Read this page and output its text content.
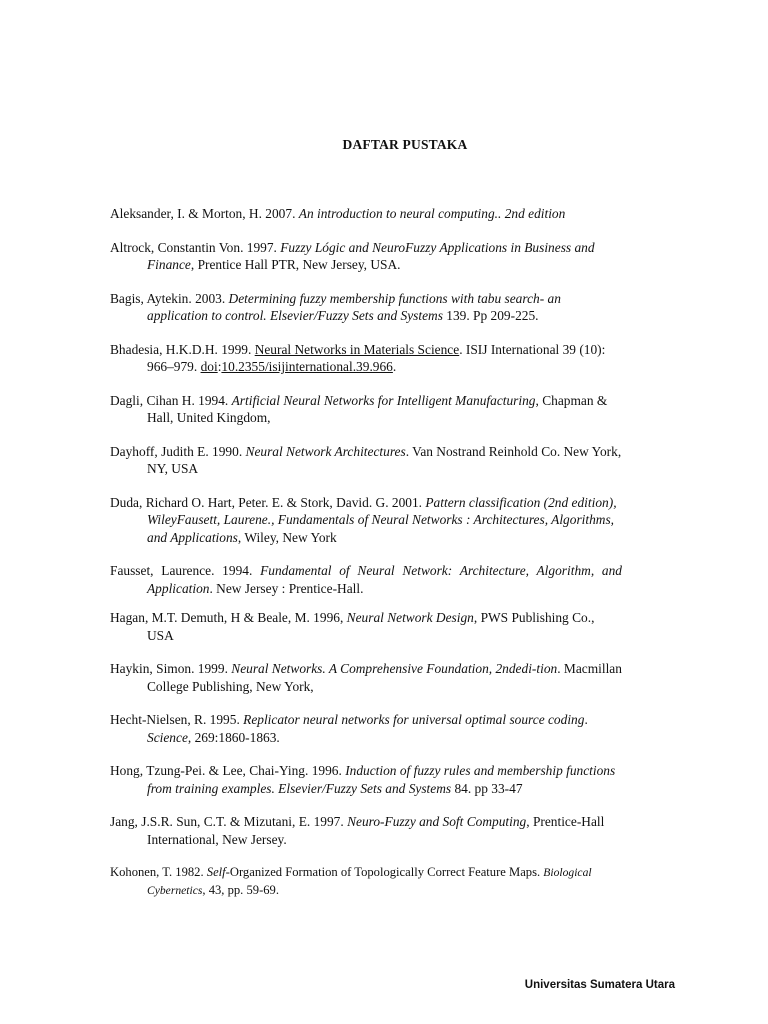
DAFTAR PUSTAKA
Aleksander, I. & Morton, H. 2007. An introduction to neural computing.. 2nd edition
Altrock, Constantin Von. 1997. Fuzzy Lógic and NeuroFuzzy Applications in Business and Finance, Prentice Hall PTR, New Jersey, USA.
Bagis, Aytekin. 2003. Determining fuzzy membership functions with tabu search- an application to control. Elsevier/Fuzzy Sets and Systems 139. Pp 209-225.
Bhadesia, H.K.D.H. 1999. Neural Networks in Materials Science. ISIJ International 39 (10): 966–979. doi:10.2355/isijinternational.39.966.
Dagli, Cihan H. 1994. Artificial Neural Networks for Intelligent Manufacturing, Chapman & Hall, United Kingdom,
Dayhoff, Judith E. 1990. Neural Network Architectures. Van Nostrand Reinhold Co. New York, NY, USA
Duda, Richard O. Hart, Peter. E. & Stork, David. G. 2001. Pattern classification (2nd edition), WileyFausett, Laurene., Fundamentals of Neural Networks : Architectures, Algorithms, and Applications, Wiley, New York
Fausset, Laurence. 1994. Fundamental of Neural Network: Architecture, Algorithm, and Application. New Jersey : Prentice-Hall.
Hagan, M.T. Demuth, H & Beale, M. 1996, Neural Network Design, PWS Publishing Co., USA
Haykin, Simon. 1999. Neural Networks. A Comprehensive Foundation, 2ndedi-tion. Macmillan College Publishing, New York,
Hecht-Nielsen, R. 1995. Replicator neural networks for universal optimal source coding. Science, 269:1860-1863.
Hong, Tzung-Pei. & Lee, Chai-Ying. 1996. Induction of fuzzy rules and membership functions from training examples. Elsevier/Fuzzy Sets and Systems 84. pp 33-47
Jang, J.S.R. Sun, C.T. & Mizutani, E. 1997. Neuro-Fuzzy and Soft Computing, Prentice-Hall International, New Jersey.
Kohonen, T. 1982. Self-Organized Formation of Topologically Correct Feature Maps. Biological Cybernetics, 43, pp. 59-69.
Universitas Sumatera Utara
